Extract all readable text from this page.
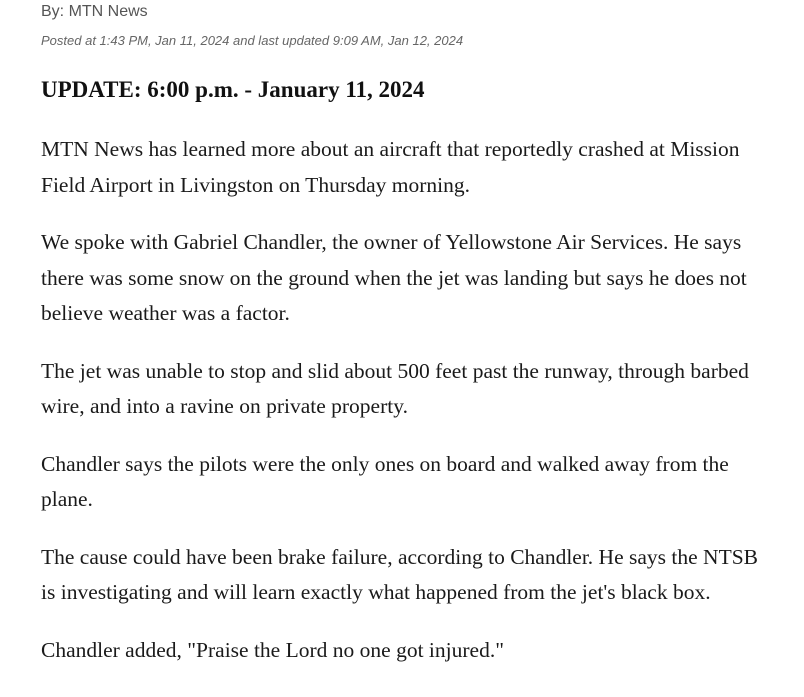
By: MTN News
Posted at 1:43 PM, Jan 11, 2024 and last updated 9:09 AM, Jan 12, 2024
UPDATE: 6:00 p.m. - January 11, 2024

MTN News has learned more about an aircraft that reportedly crashed at Mission Field Airport in Livingston on Thursday morning.

We spoke with Gabriel Chandler, the owner of Yellowstone Air Services. He says there was some snow on the ground when the jet was landing but says he does not believe weather was a factor.

The jet was unable to stop and slid about 500 feet past the runway, through barbed wire, and into a ravine on private property.

Chandler says the pilots were the only ones on board and walked away from the plane.

The cause could have been brake failure, according to Chandler. He says the NTSB is investigating and will learn exactly what happened from the jet's black box.

Chandler added, "Praise the Lord no one got injured."
